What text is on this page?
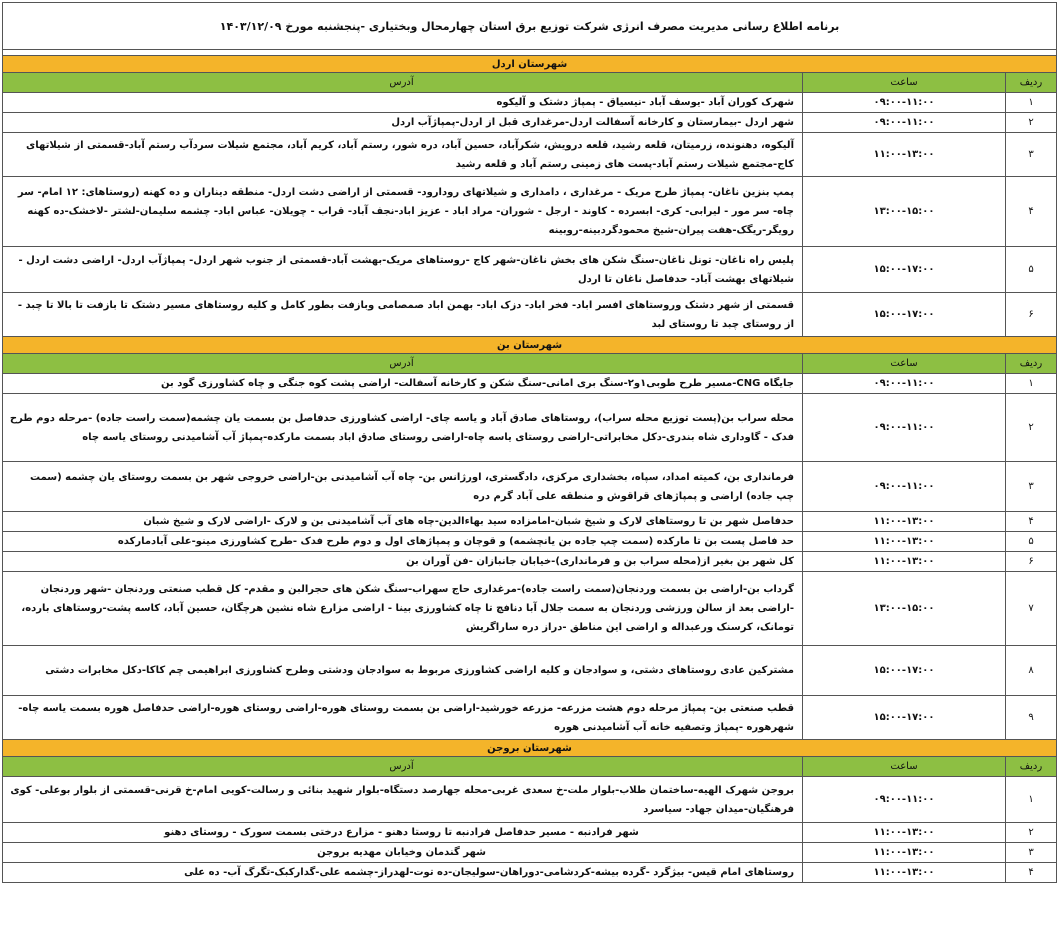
برنامه اطلاع رسانی مدیریت مصرف انرژی شرکت توزیع برق استان چهارمحال وبختیاری -پنجشنبه مورخ ۱۴۰۳/۱۲/۰۹
شهرستان اردل
ردیف	ساعت	آدرس
۱	۰۹:۰۰-۱۱:۰۰	شهرک کوران آباد -یوسف آباد -نیسیاق - پمپاژ دشتک و آلیکوه
۲	۰۹:۰۰-۱۱:۰۰	شهر اردل -بیمارستان و کارخانه آسفالت اردل-مرغداری قبل از اردل-پمپاژآب اردل
۳	۱۱:۰۰-۱۳:۰۰	آلیکوه، دهنونده، زرمیتان، قلعه رشید، قلعه درویش، شکرآباد، حسین آباد، دره شور، رستم آباد، کریم آباد، مجتمع شیلات سردآب رستم آباد-قسمتی از شیلاتهای کاج-مجتمع شیلات رستم آباد-پست های زمینی رستم آباد و قلعه رشید
۴	۱۳:۰۰-۱۵:۰۰	پمپ بنزین ناغان- پمپاژ طرح مریک - مرغداری ، دامداری و شیلاتهای رودارود- قسمتی از اراضی دشت اردل- منطقه دیناران و ده کهنه (روستاهای: ۱۲ امام- سر چاه- سر مور - لیرابی- کری- ابسرده - کاوند - ارجل - شوران- مراد اباد - عزیز اباد-نجف آباد- قراب - چویلان- عباس اباد- چشمه سلیمان-لشتر -لاخشک-ده کهنه رویگر-ریگک-هفت پیران-شیخ محمودگردبینه-روبینه
۵	۱۵:۰۰-۱۷:۰۰	پلیس راه ناغان- تونل ناغان-سنگ شکن های بخش ناغان-شهر کاج -روستاهای مریک-بهشت آباد-قسمتی از جنوب شهر اردل- پمپاژآب اردل- اراضی دشت اردل - شیلاتهای بهشت آباد- حدفاصل ناغان تا اردل
۶	۱۵:۰۰-۱۷:۰۰	قسمتی از شهر دشتک وروستاهای افسر اباد- فخر اباد- دزک اباد- بهمن اباد صمصامی وبازفت بطور کامل و کلیه روستاهای مسیر دشتک تا بازفت تا بالا تا چبد - از روستای چبد تا روستای لبد
شهرستان بن
ردیف	ساعت	آدرس
۱	۰۹:۰۰-۱۱:۰۰	جایگاه CNG-مسیر طرح طوبی۱و۲-سنگ بری امانی-سنگ شکن و کارخانه آسفالت- اراضی پشت کوه جنگی و چاه کشاورزی گود بن
۲	۰۹:۰۰-۱۱:۰۰	محله سراب بن(پست توزیع محله سراب)، روستاهای صادق آباد و یاسه چای- اراضی کشاورزی حدفاصل بن بسمت یان چشمه(سمت راست جاده) -مرحله دوم طرح فدک - گاوداری شاه بندری-دکل مخابراتی-اراضی روستای یاسه چاه-اراضی روستای صادق اباد بسمت مارکده-پمپاژ آب آشامیدنی روستای یاسه چاه
۳	۰۹:۰۰-۱۱:۰۰	فرمانداری بن، کمیته امداد، سپاه، بخشداری مرکزی، دادگستری، اورژانس بن- چاه آب آشامیدنی بن-اراضی خروجی شهر بن بسمت روستای یان چشمه (سمت چپ جاده) اراضی و پمپاژهای قراقوش و منطقه علی آباد گرم دره
۴	۱۱:۰۰-۱۳:۰۰	حدفاصل شهر بن تا روستاهای لارک و شیخ شبان-امامزاده سید بهاءالدین-چاه های آب آشامیدنی بن و لارک -اراضی لارک و شیخ شبان
۵	۱۱:۰۰-۱۳:۰۰	حد فاصل پست بن تا مارکده (سمت چپ جاده بن یانچشمه) و قوچان و پمپاژهای اول و دوم طرح فدک -طرح کشاورزی مینو-علی آبادمارکده
۶	۱۱:۰۰-۱۳:۰۰	کل شهر بن بغیر از(محله سراب بن و فرمانداری)-خیابان جانبازان -فن آوران بن
۷	۱۳:۰۰-۱۵:۰۰	گرداب بن-اراضی بن بسمت وردنجان(سمت راست جاده)-مرغداری حاج سهراب-سنگ شکن های حجرالبن و مقدم- کل قطب صنعتی وردنجان -شهر وردنجان -اراضی بعد از سالن ورزشی وردنجان به سمت جلال آبا دنافچ تا چاه کشاورزی بینا - اراضی مزارع شاه نشین هرچگان، حسین آباد، کاسه پشت-روستاهای بارده، تومانک، کرسنک ورعبداله و اراضی این مناطق -دراز دره ساراگریش
۸	۱۵:۰۰-۱۷:۰۰	مشترکین عادی روستاهای دشتی، و سوادجان و کلیه اراضی کشاورزی مربوط به سوادجان ودشتی وطرح کشاورزی ابراهیمی چم کاکا-دکل مخابرات دشتی
۹	۱۵:۰۰-۱۷:۰۰	قطب صنعتی بن- پمپاژ مرحله دوم هشت مزرعه- مزرعه خورشید-اراضی بن بسمت روستای هوره-اراضی روستای هوره-اراضی حدفاصل هوره بسمت یاسه چاه-شهرهوره -پمپاژ وتصفیه خانه آب آشامیدنی هوره
شهرستان بروجن
ردیف	ساعت	آدرس
۱	۰۹:۰۰-۱۱:۰۰	بروجن شهرک الهیه-ساختمان طلاب-بلوار ملت-خ سعدی غربی-محله جهارصد دستگاه-بلوار شهید بنائی و رسالت-کویی امام-خ قرنی-قسمتی از بلوار بوعلی- کوی فرهنگیان-میدان جهاد- سیاسرد
۲	۱۱:۰۰-۱۳:۰۰	شهر فرادنبه - مسیر حدفاصل فرادنبه تا روستا دهنو - مزارع درختی بسمت سورک - روستای دهنو
۳	۱۱:۰۰-۱۳:۰۰	شهر گندمان وخیابان مهدیه بروجن
۴	۱۱:۰۰-۱۳:۰۰	روستاهای امام قیس- بیژگرد -گرده بیشه-کردشامی-دوراهان-سولیجان-ده توت-لهدراز-چشمه علی-گدارکبک-تگرگ آب- ده علی
